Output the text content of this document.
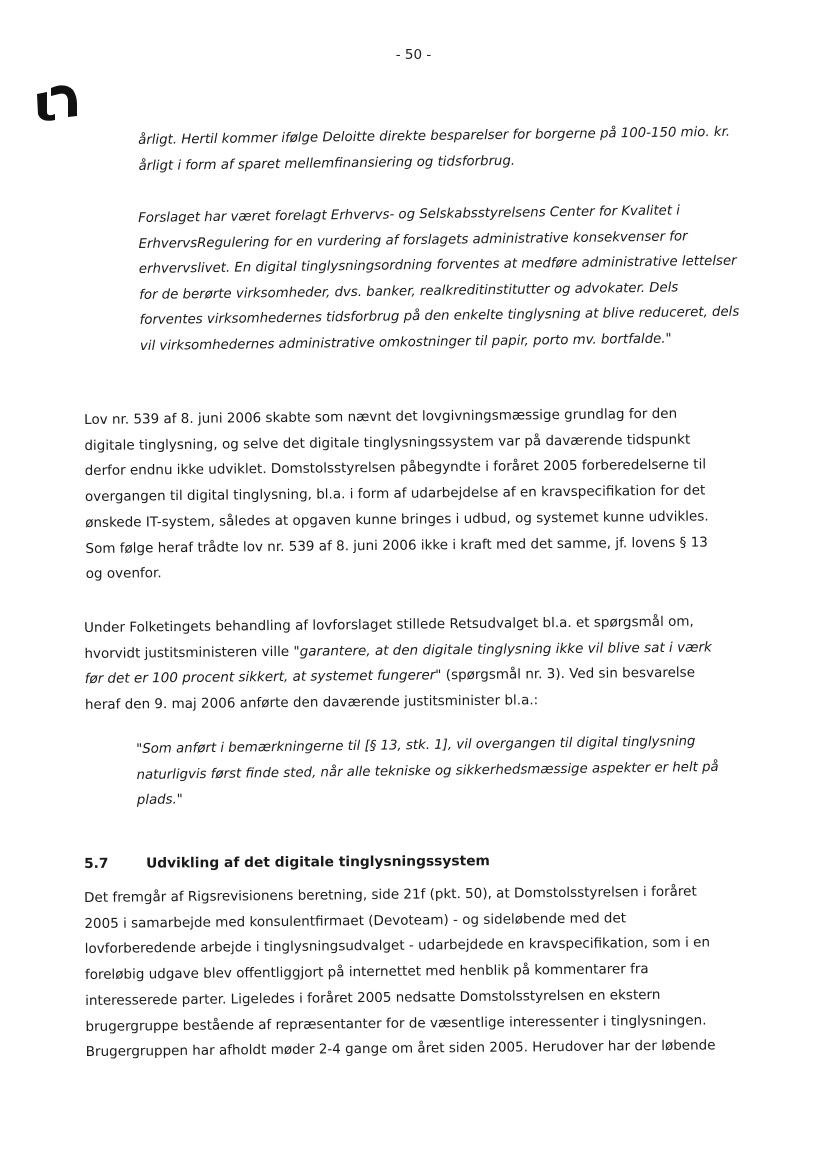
- 50 -

årligt. Hertil kommer ifølge Deloitte direkte besparelser for borgerne på 100-150 mio. kr. årligt i form af sparet mellemfinansiering og tidsforbrug.

Forslaget har været forelagt Erhvervs- og Selskabsstyrelsens Center for Kvalitet i ErhvervsRegulering for en vurdering af forslagets administrative konsekvenser for erhvervslivet. En digital tinglysningsordning forventes at medføre administrative lettelser for de berørte virksomheder, dvs. banker, realkreditinstitutter og advokater. Dels forventes virksomhedernes tidsforbrug på den enkelte tinglysning at blive reduceret, dels vil virksomhedernes administrative omkostninger til papir, porto mv. bortfalde."

Lov nr. 539 af 8. juni 2006 skabte som nævnt det lovgivningsmæssige grundlag for den digitale tinglysning, og selve det digitale tinglysningssystem var på daværende tidspunkt derfor endnu ikke udviklet. Domstolsstyrelsen påbegyndte i foråret 2005 forberedelserne til overgangen til digital tinglysning, bl.a. i form af udarbejdelse af en kravspecifikation for det ønskede IT-system, således at opgaven kunne bringes i udbud, og systemet kunne udvikles. Som følge heraf trådte lov nr. 539 af 8. juni 2006 ikke i kraft med det samme, jf. lovens § 13 og ovenfor.

Under Folketingets behandling af lovforslaget stillede Retsudvalget bl.a. et spørgsmål om, hvorvidt justitsministeren ville "garantere, at den digitale tinglysning ikke vil blive sat i værk før det er 100 procent sikkert, at systemet fungerer" (spørgsmål nr. 3). Ved sin besvarelse heraf den 9. maj 2006 anførte den daværende justitsminister bl.a.:

"Som anført i bemærkningerne til [§ 13, stk. 1], vil overgangen til digital tinglysning naturligvis først finde sted, når alle tekniske og sikkerhedsmæssige aspekter er helt på plads."

5.7	Udvikling af det digitale tinglysningssystem

Det fremgår af Rigsrevisionens beretning, side 21f (pkt. 50), at Domstolsstyrelsen i foråret 2005 i samarbejde med konsulentfirmaet (Devoteam) - og sideløbende med det lovforberedende arbejde i tinglysningsudvalget - udarbejdede en kravspecifikation, som i en foreløbig udgave blev offentliggjort på internettet med henblik på kommentarer fra interesserede parter. Ligeledes i foråret 2005 nedsatte Domstolsstyrelsen en ekstern brugergruppe bestående af repræsentanter for de væsentlige interessenter i tinglysningen. Brugergruppen har afholdt møder 2-4 gange om året siden 2005. Herudover har der løbende
